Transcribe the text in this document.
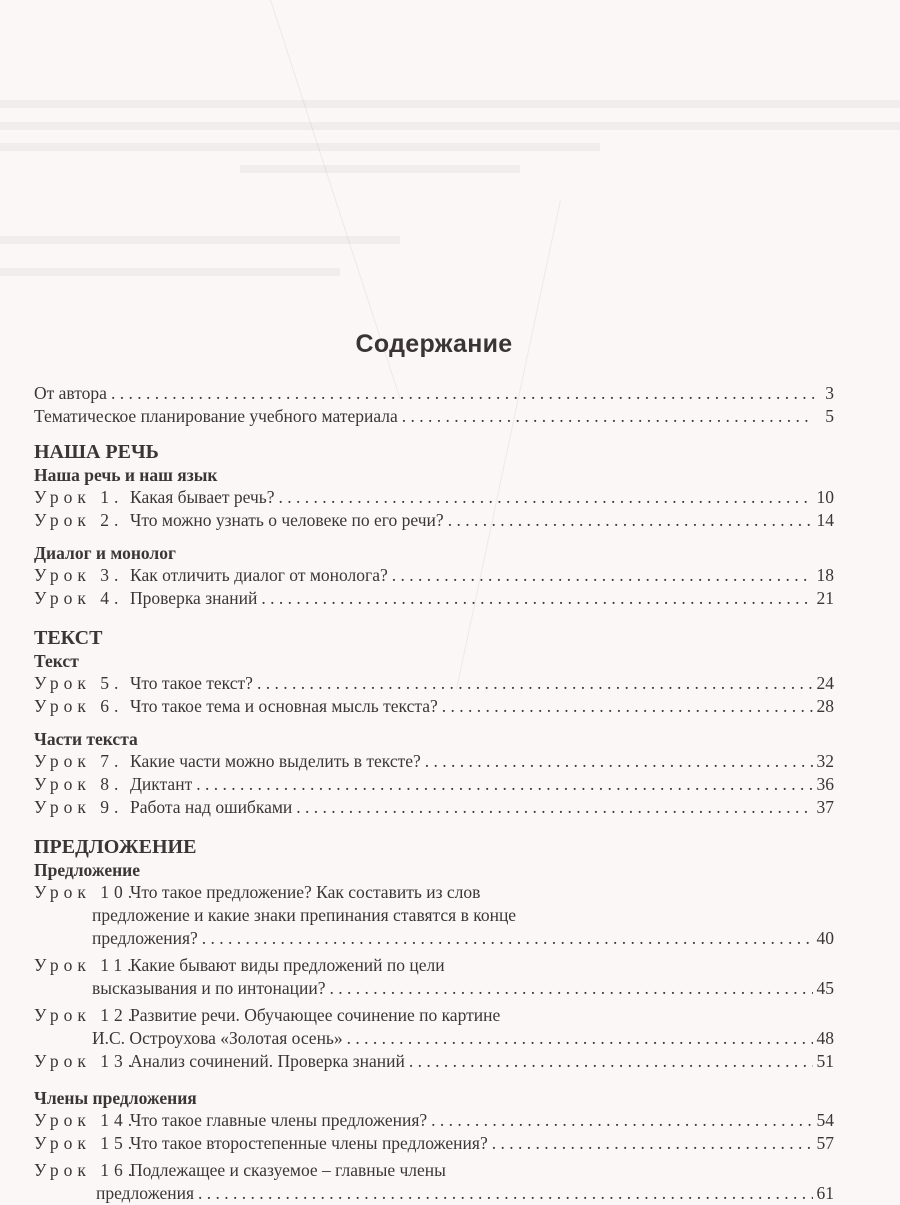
Содержание
От автора . . .	3
Тематическое планирование учебного материала . . .	5
НАША РЕЧЬ
Наша речь и наш язык
Урок 1. Какая бывает речь? . . .	10
Урок 2. Что можно узнать о человеке по его речи? . . .	14
Диалог и монолог
Урок 3. Как отличить диалог от монолога? . . .	18
Урок 4. Проверка знаний . . .	21
ТЕКСТ
Текст
Урок 5. Что такое текст? . . .	24
Урок 6. Что такое тема и основная мысль текста? . . .	28
Части текста
Урок 7. Какие части можно выделить в тексте? . . .	32
Урок 8. Диктант . . .	36
Урок 9. Работа над ошибками . . .	37
ПРЕДЛОЖЕНИЕ
Предложение
Урок 10.Что такое предложение? Как составить из слов
предложение и какие знаки препинания ставятся в конце
предложения? . . .	40
Урок 11.Какие бывают виды предложений по цели
высказывания и по интонации? . . .	45
Урок 12.Развитие речи. Обучающее сочинение по картине
И.С. Остроухова «Золотая осень» . . .	48
Урок 13.Анализ сочинений. Проверка знаний . . .	51
Члены предложения
Урок 14.Что такое главные члены предложения? . . .	54
Урок 15.Что такое второстепенные члены предложения? . . .	57
Урок 16.Подлежащее и сказуемое – главные члены
предложения . . .	61
